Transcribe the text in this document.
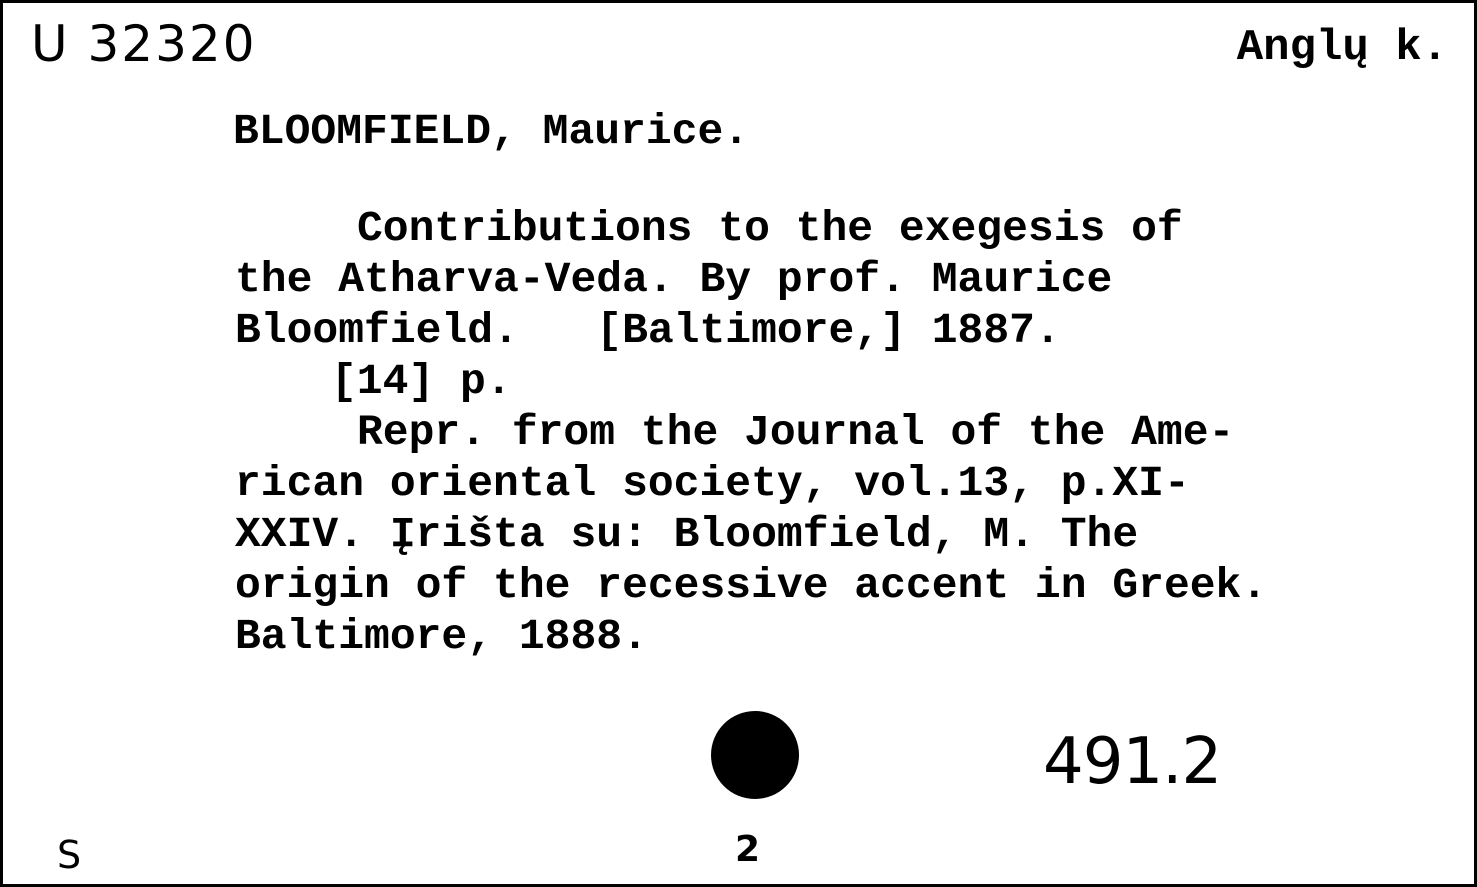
U 32320	Anglų k.
BLOOMFIELD, Maurice.
Contributions to the exegesis of
the Atharva-Veda. By prof. Maurice
Bloomfield.   [Baltimore,] 1887.
[14] p.
Repr. from the Journal of the Ame-
rican oriental society, vol.13, p.XI-
XXIV. Įrišta su: Bloomfield, M. The
origin of the recessive accent in Greek.
Baltimore, 1888.
491.2
S	2
